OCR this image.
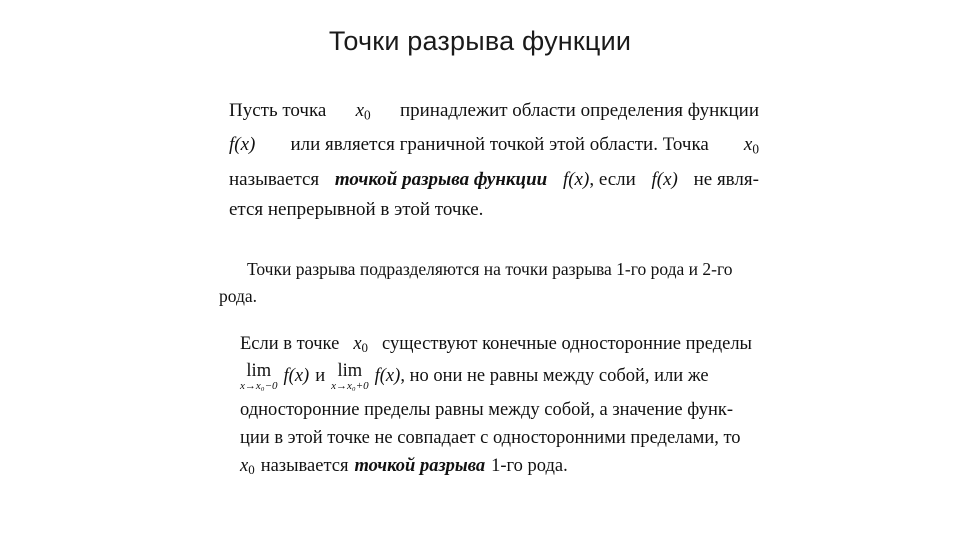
Точки разрыва функции
Пусть точка $x_0$ принадлежит области определения функции
f(x) или является граничной точкой этой области. Точка $x_0$
называется точкой разрыва функции f(x), если f(x) не явля-
ется непрерывной в этой точке.
Точки разрыва подразделяются на точки разрыва 1-го рода и 2-го
рода.
Если в точке $x_0$ существуют конечные односторонние пределы
lim
x→x₀−0 f(x) и lim
x→x₀+0 f(x) , но они не равны между собой, или же
односторонние пределы равны между собой, а значение функ-
ции в этой точке не совпадает с односторонними пределами, то
$x_0$ называется точкой разрыва 1-го рода.
